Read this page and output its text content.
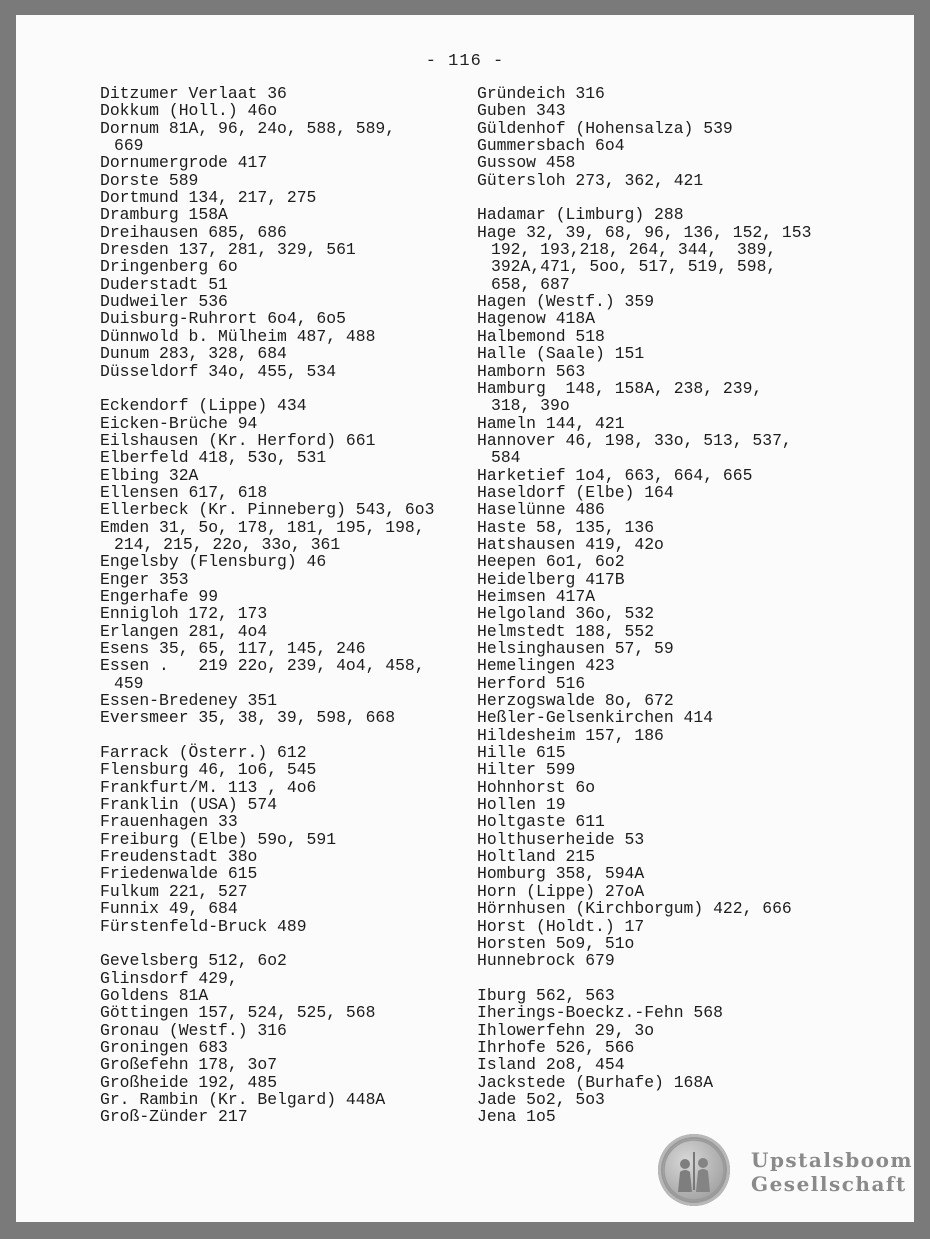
- 116 -

Ditzumer Verlaat 36
Dokkum (Holl.) 46o
Dornum 81A, 96, 24o, 588, 589,
669
Dornumergrode 417
Dorste 589
Dortmund 134, 217, 275
Dramburg 158A
Dreihausen 685, 686
Dresden 137, 281, 329, 561
Dringenberg 6o
Duderstadt 51
Dudweiler 536
Duisburg-Ruhrort 6o4, 6o5
Dünnwold b. Mülheim 487, 488
Dunum 283, 328, 684
Düsseldorf 34o, 455, 534
Eckendorf (Lippe) 434
Eicken-Brüche 94
Eilshausen (Kr. Herford) 661
Elberfeld 418, 53o, 531
Elbing 32A
Ellensen 617, 618
Ellerbeck (Kr. Pinneberg) 543, 6o3
Emden 31, 5o, 178, 181, 195, 198,
214, 215, 22o, 33o, 361
Engelsby (Flensburg) 46
Enger 353
Engerhafe 99
Ennigloh 172, 173
Erlangen 281, 4o4
Esens 35, 65, 117, 145, 246
Essen .   219 22o, 239, 4o4, 458,
459
Essen-Bredeney 351
Eversmeer 35, 38, 39, 598, 668
Farrack (Österr.) 612
Flensburg 46, 1o6, 545
Frankfurt/M. 113 , 4o6
Franklin (USA) 574
Frauenhagen 33
Freiburg (Elbe) 59o, 591
Freudenstadt 38o
Friedenwalde 615
Fulkum 221, 527
Funnix 49, 684
Fürstenfeld-Bruck 489
Gevelsberg 512, 6o2
Glinsdorf 429,
Goldens 81A
Göttingen 157, 524, 525, 568
Gronau (Westf.) 316
Groningen 683
Großefehn 178, 3o7
Großheide 192, 485
Gr. Rambin (Kr. Belgard) 448A
Groß-Zünder 217
Gründeich 316
Guben 343
Güldenhof (Hohensalza) 539
Gummersbach 6o4
Gussow 458
Gütersloh 273, 362, 421
Hadamar (Limburg) 288
Hage 32, 39, 68, 96, 136, 152, 153
192, 193,218, 264, 344,  389,
392A,471, 5oo, 517, 519, 598,
658, 687
Hagen (Westf.) 359
Hagenow 418A
Halbemond 518
Halle (Saale) 151
Hamborn 563
Hamburg  148, 158A, 238, 239,
318, 39o
Hameln 144, 421
Hannover 46, 198, 33o, 513, 537,
584
Harketief 1o4, 663, 664, 665
Haseldorf (Elbe) 164
Haselünne 486
Haste 58, 135, 136
Hatshausen 419, 42o
Heepen 6o1, 6o2
Heidelberg 417B
Heimsen 417A
Helgoland 36o, 532
Helmstedt 188, 552
Helsinghausen 57, 59
Hemelingen 423
Herford 516
Herzogswalde 8o, 672
Heßler-Gelsenkirchen 414
Hildesheim 157, 186
Hille 615
Hilter 599
Hohnhorst 6o
Hollen 19
Holtgaste 611
Holthuserheide 53
Holtland 215
Homburg 358, 594A
Horn (Lippe) 27oA
Hörnhusen (Kirchborgum) 422, 666
Horst (Holdt.) 17
Horsten 5o9, 51o
Hunnebrock 679
Iburg 562, 563
Iherings-Boeckz.-Fehn 568
Ihlowerfehn 29, 3o
Ihrhofe 526, 566
Island 2o8, 454
Jackstede (Burhafe) 168A
Jade 5o2, 5o3
Jena 1o5
Upstalsboom
Gesellschaft
